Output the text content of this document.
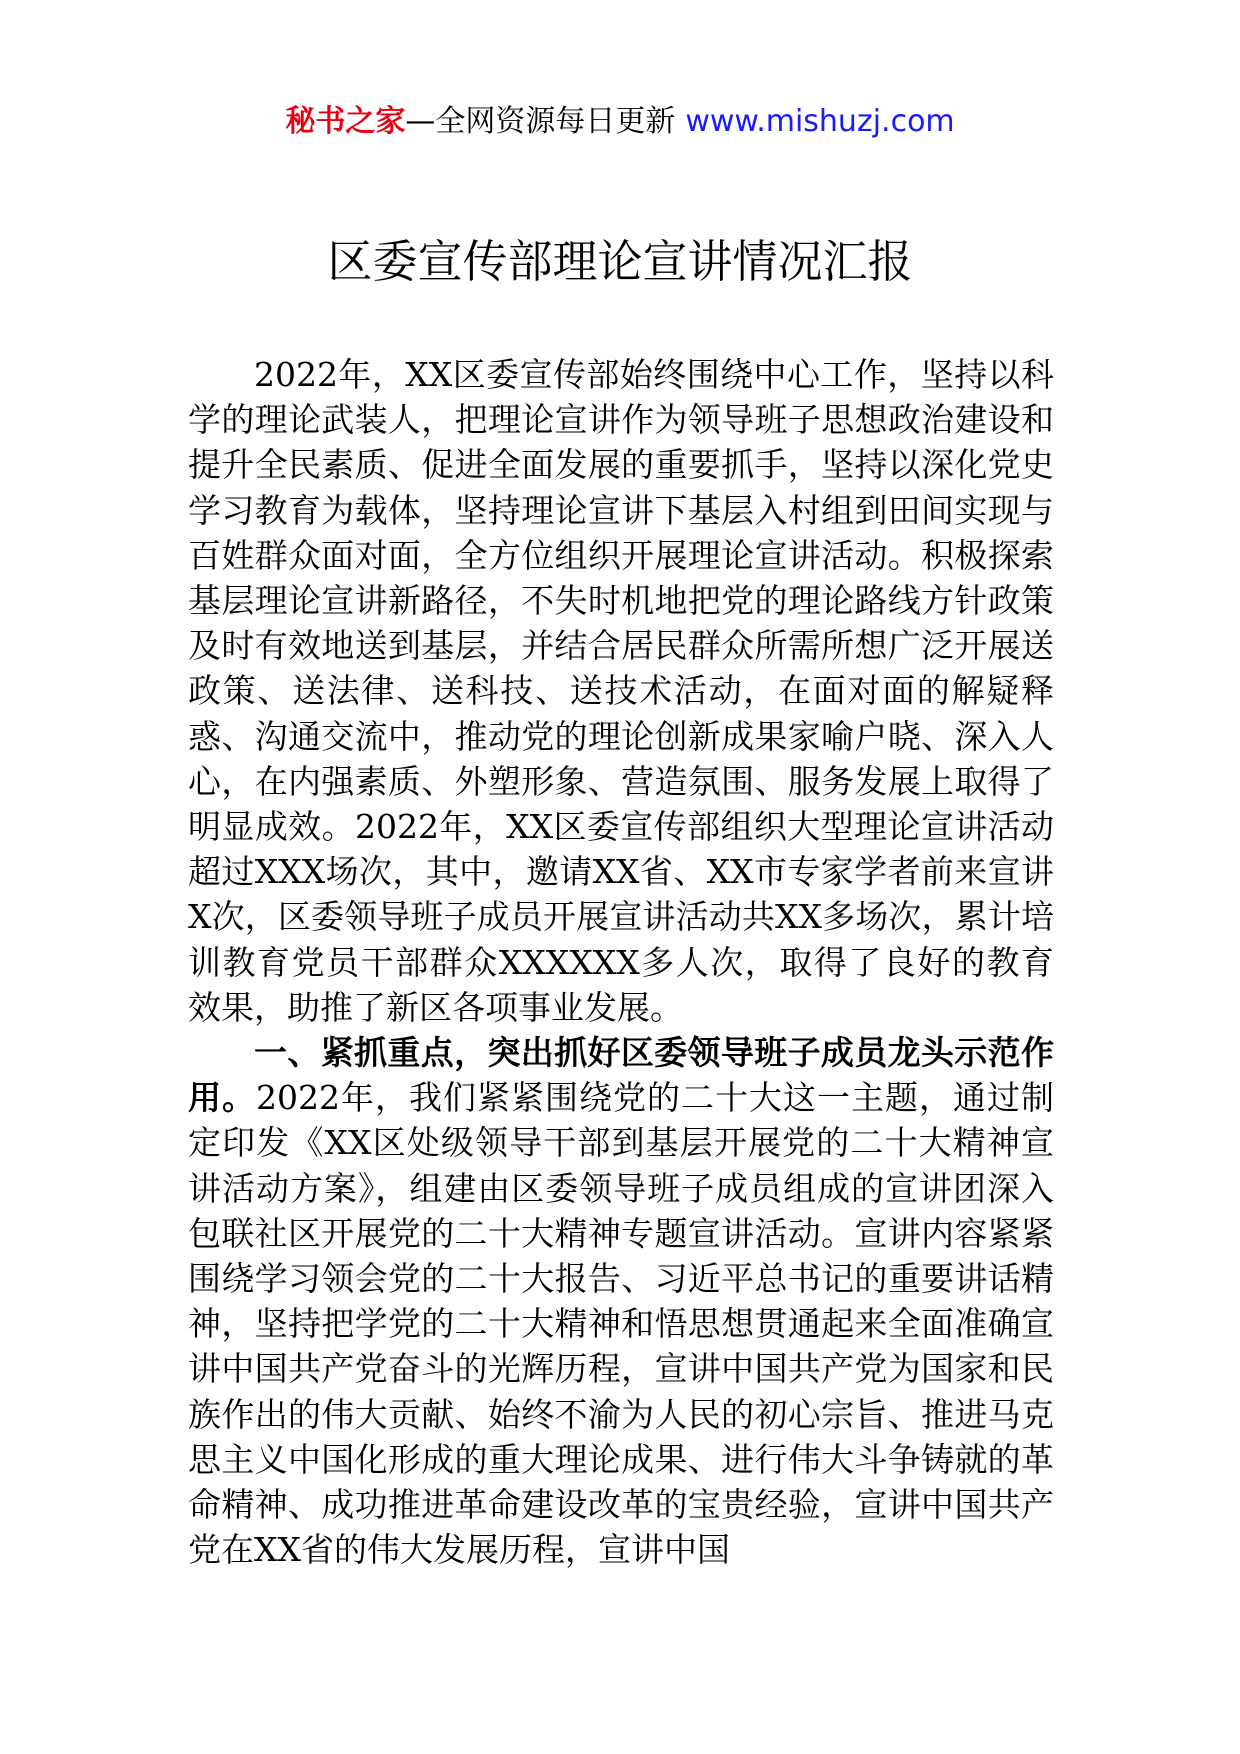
秘书之家—全网资源每日更新 www.mishuzj.com
区委宣传部理论宣讲情况汇报

2022年，XX区委宣传部始终围绕中心工作，坚持以科学的理论武装人，把理论宣讲作为领导班子思想政治建设和提升全民素质、促进全面发展的重要抓手，坚持以深化党史学习教育为载体，坚持理论宣讲下基层入村组到田间实现与百姓群众面对面，全方位组织开展理论宣讲活动。积极探索基层理论宣讲新路径，不失时机地把党的理论路线方针政策及时有效地送到基层，并结合居民群众所需所想广泛开展送政策、送法律、送科技、送技术活动，在面对面的解疑释惑、沟通交流中，推动党的理论创新成果家喻户晓、深入人心，在内强素质、外塑形象、营造氛围、服务发展上取得了明显成效。2022年，XX区委宣传部组织大型理论宣讲活动超过XXX场次，其中，邀请XX省、XX市专家学者前来宣讲X次，区委领导班子成员开展宣讲活动共XX多场次，累计培训教育党员干部群众XXXXXX多人次，取得了良好的教育效果，助推了新区各项事业发展。

一、紧抓重点，突出抓好区委领导班子成员龙头示范作用。2022年，我们紧紧围绕党的二十大这一主题，通过制定印发《XX区处级领导干部到基层开展党的二十大精神宣讲活动方案》，组建由区委领导班子成员组成的宣讲团深入包联社区开展党的二十大精神专题宣讲活动。宣讲内容紧紧围绕学习领会党的二十大报告、习近平总书记的重要讲话精神，坚持把学党的二十大精神和悟思想贯通起来全面准确宣讲中国共产党奋斗的光辉历程，宣讲中国共产党为国家和民族作出的伟大贡献、始终不渝为人民的初心宗旨、推进马克思主义中国化形成的重大理论成果、进行伟大斗争铸就的革命精神、成功推进革命建设改革的宝贵经验，宣讲中国共产党在XX省的伟大发展历程，宣讲中国
